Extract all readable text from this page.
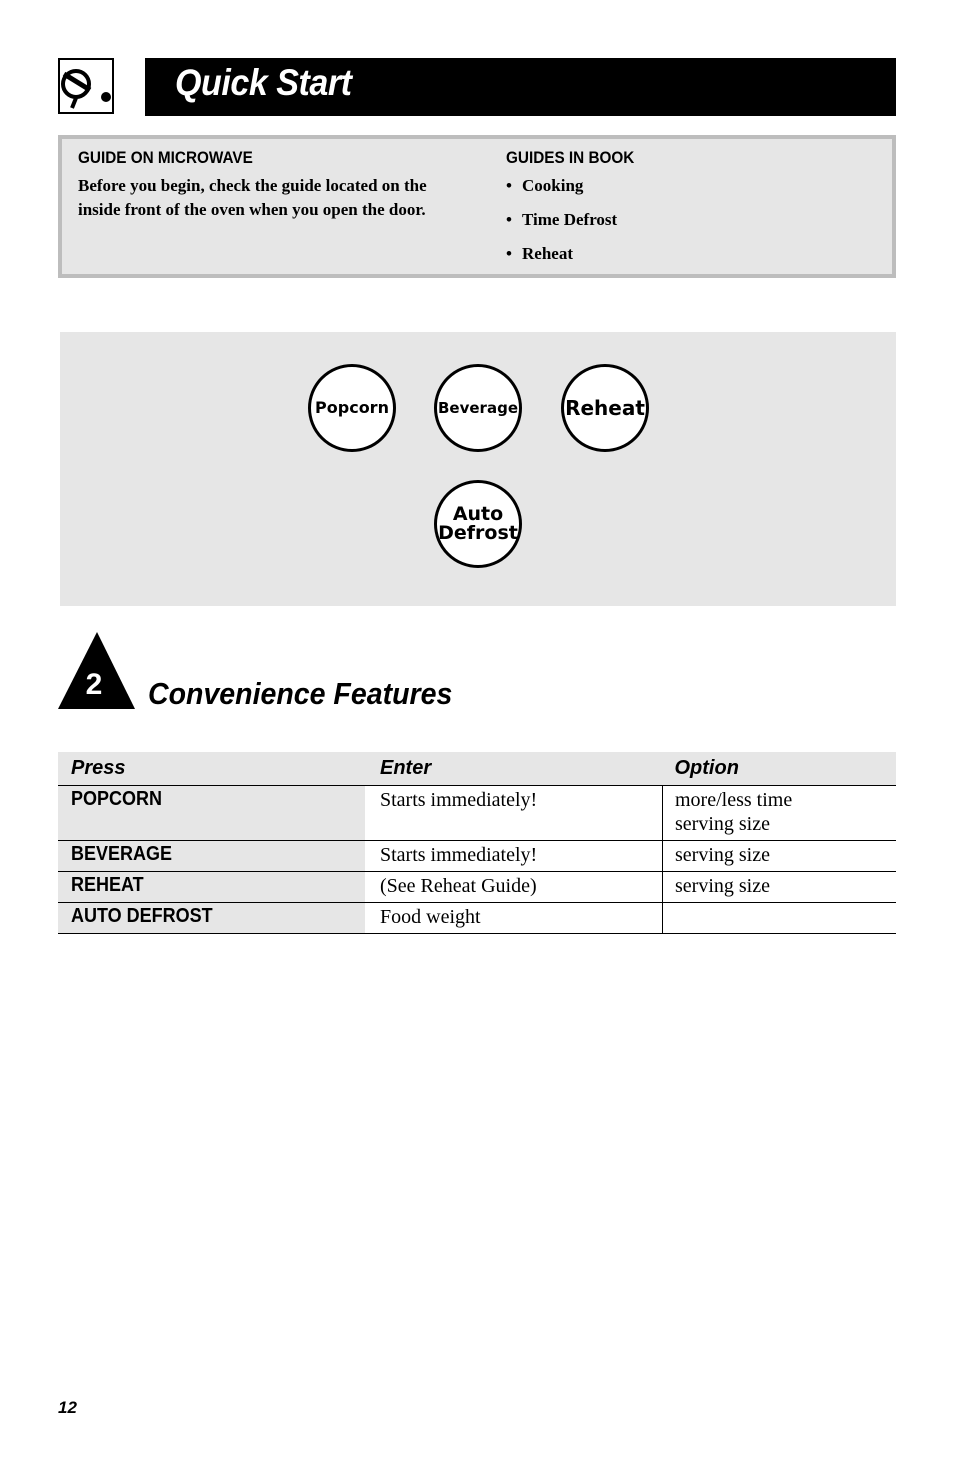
Quick Start
GUIDE ON MICROWAVE
Before you begin, check the guide located on the inside front of the oven when you open the door.
GUIDES IN BOOK
• Cooking
• Time Defrost
• Reheat
Popcorn	Beverage Reheat
Auto
Defrost
2 Convenience Features
Press	Enter	Option
POPCORN	Starts immediately!	more/less time
serving size

BEVERAGE	Starts immediately!	serving size
REHEAT	(See Reheat Guide)	serving size
AUTO DEFROST	Food weight	
12
